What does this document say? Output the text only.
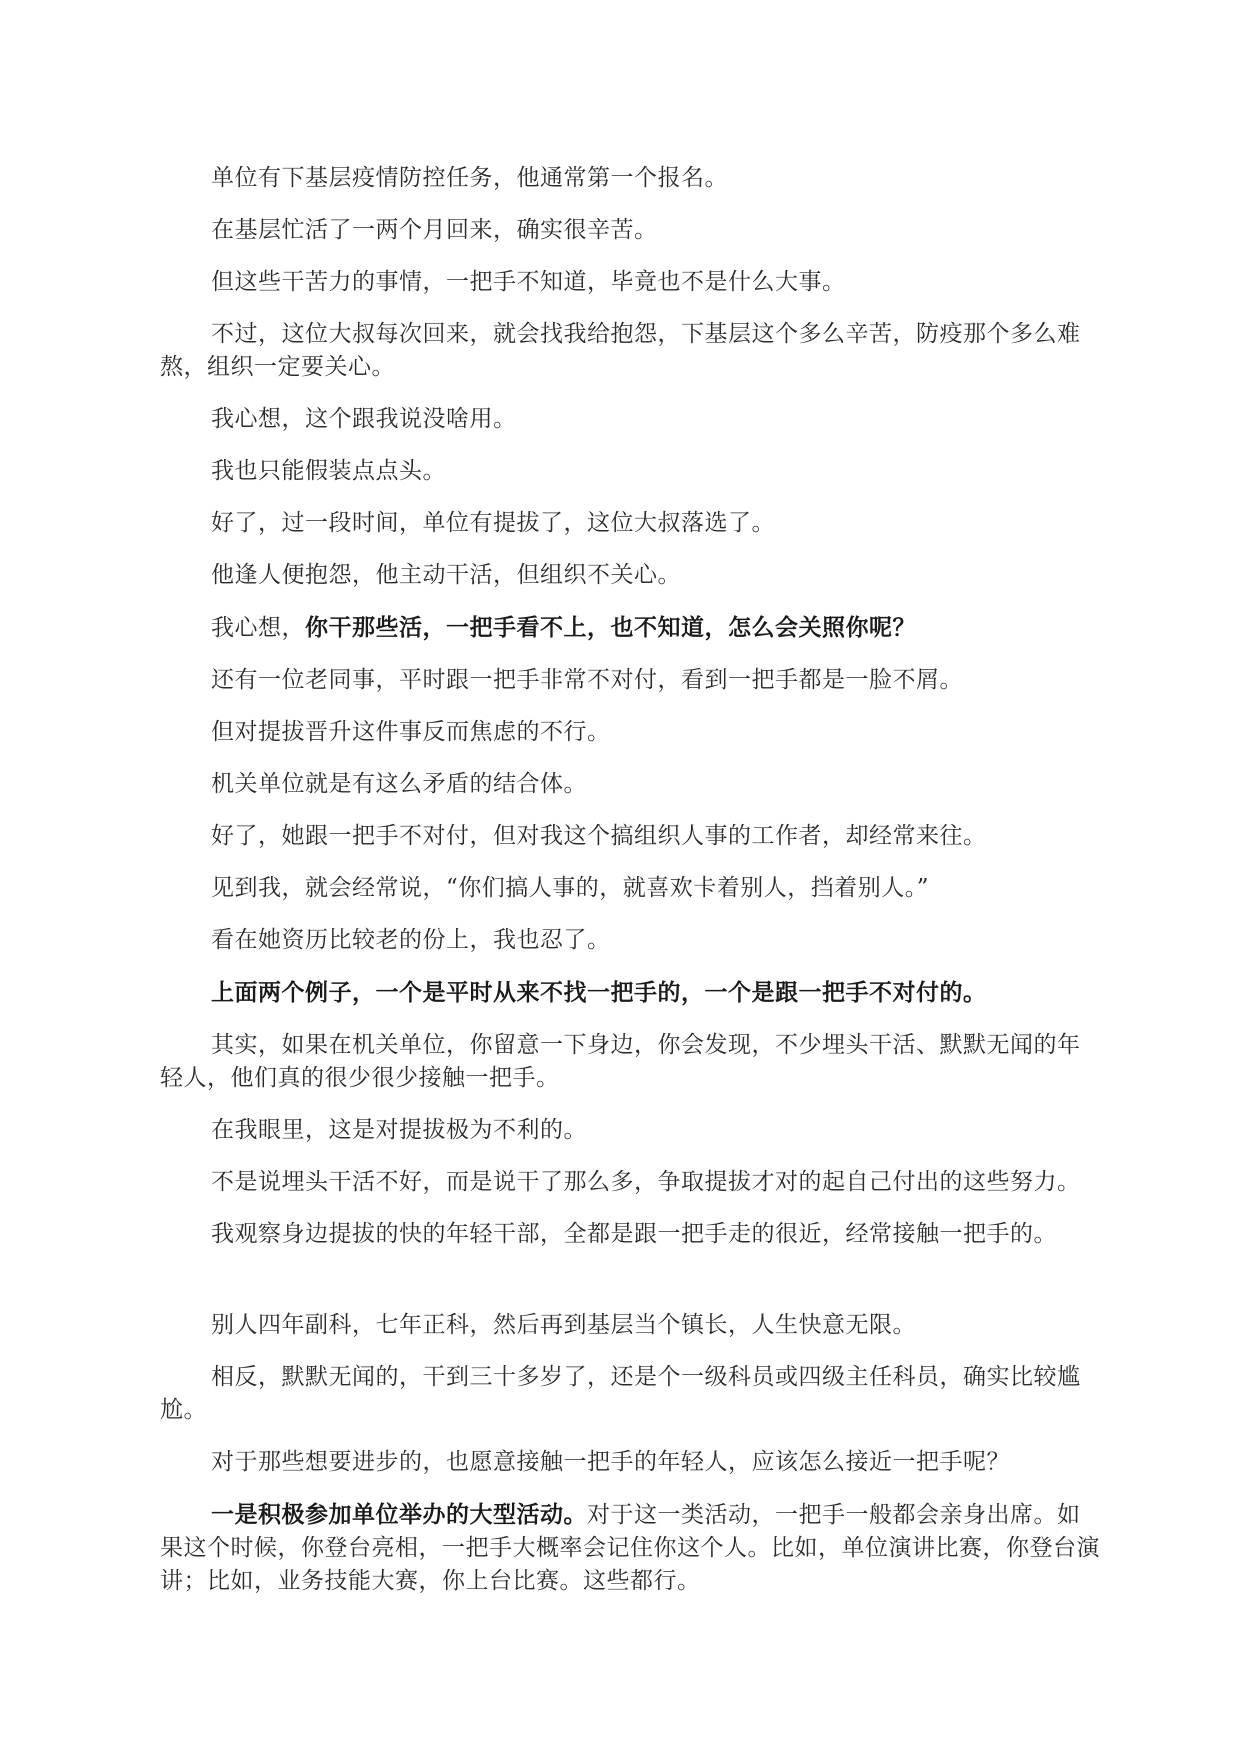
单位有下基层疫情防控任务，他通常第一个报名。

在基层忙活了一两个月回来，确实很辛苦。

但这些干苦力的事情，一把手不知道，毕竟也不是什么大事。

不过，这位大叔每次回来，就会找我给抱怨，下基层这个多么辛苦，防疫那个多么难熬，组织一定要关心。

我心想，这个跟我说没啥用。

我也只能假装点点头。

好了，过一段时间，单位有提拔了，这位大叔落选了。

他逢人便抱怨，他主动干活，但组织不关心。

我心想，你干那些活，一把手看不上，也不知道，怎么会关照你呢？

还有一位老同事，平时跟一把手非常不对付，看到一把手都是一脸不屑。

但对提拔晋升这件事反而焦虑的不行。

机关单位就是有这么矛盾的结合体。

好了，她跟一把手不对付，但对我这个搞组织人事的工作者，却经常来往。

见到我，就会经常说，“你们搞人事的，就喜欢卡着别人，挡着别人。”

看在她资历比较老的份上，我也忍了。

上面两个例子，一个是平时从来不找一把手的，一个是跟一把手不对付的。

其实，如果在机关单位，你留意一下身边，你会发现，不少埋头干活、默默无闻的年轻人，他们真的很少很少接触一把手。

在我眼里，这是对提拔极为不利的。

不是说埋头干活不好，而是说干了那么多，争取提拔才对的起自己付出的这些努力。

我观察身边提拔的快的年轻干部，全都是跟一把手走的很近，经常接触一把手的。

别人四年副科，七年正科，然后再到基层当个镇长，人生快意无限。

相反，默默无闻的，干到三十多岁了，还是个一级科员或四级主任科员，确实比较尴尬。

对于那些想要进步的，也愿意接触一把手的年轻人，应该怎么接近一把手呢？

一是积极参加单位举办的大型活动。对于这一类活动，一把手一般都会亲身出席。如果这个时候，你登台亮相，一把手大概率会记住你这个人。比如，单位演讲比赛，你登台演讲；比如，业务技能大赛，你上台比赛。这些都行。
